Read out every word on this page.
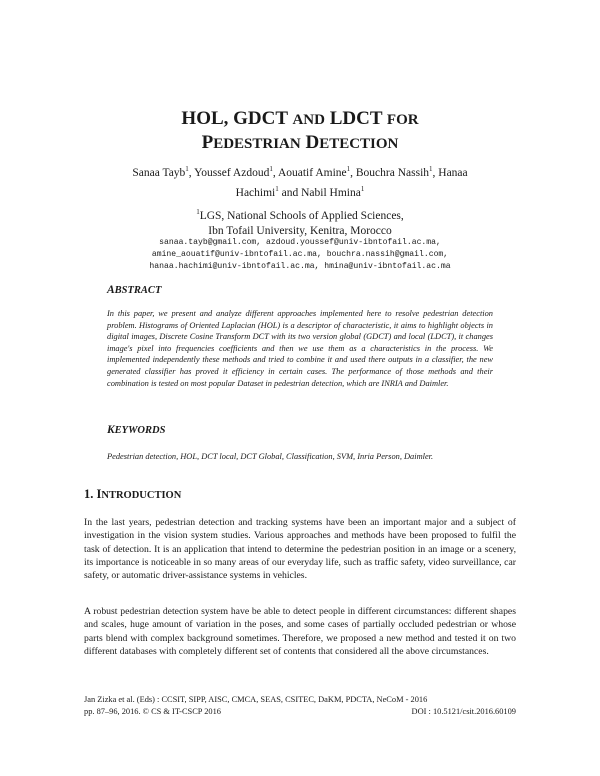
HOL, GDCT AND LDCT FOR
PEDESTRIAN DETECTION
Sanaa Tayb$^1$, Youssef Azdoud$^1$, Aouatif Amine$^1$, Bouchra Nassih$^1$, Hanaa
Hachimi$^1$ and Nabil Hmina$^1$
$^1$LGS, National Schools of Applied Sciences,
Ibn Tofail University, Kenitra, Morocco
sanaa.tayb@gmail.com, azdoud.youssef@univ-ibntofail.ac.ma,
amine_aouatif@univ-ibntofail.ac.ma, bouchra.nassih@gmail.com,
hanaa.hachimi@univ-ibntofail.ac.ma, hmina@univ-ibntofail.ac.ma
ABSTRACT
In this paper, we present and analyze different approaches implemented here to resolve pedestrian detection problem. Histograms of Oriented Laplacian (HOL) is a descriptor of characteristic, it aims to highlight objects in digital images, Discrete Cosine Transform DCT with its two version global (GDCT) and local (LDCT), it changes image's pixel into frequencies coefficients and then we use them as a characteristics in the process. We implemented independently these methods and tried to combine it and used there outputs in a classifier, the new generated classifier has proved it efficiency in certain cases. The performance of those methods and their combination is tested on most popular Dataset in pedestrian detection, which are INRIA and Daimler.
KEYWORDS
Pedestrian detection, HOL, DCT local, DCT Global, Classification, SVM, Inria Person, Daimler.
1. INTRODUCTION
In the last years, pedestrian detection and tracking systems have been an important major and a subject of investigation in the vision system studies. Various approaches and methods have been proposed to fulfil the task of detection. It is an application that intend to determine the pedestrian position in an image or a scenery, its importance is noticeable in so many areas of our everyday life, such as traffic safety, video surveillance, car safety, or automatic driver-assistance systems in vehicles.
A robust pedestrian detection system have be able to detect people in different circumstances: different shapes and scales, huge amount of variation in the poses, and some cases of partially occluded pedestrian or whose parts blend with complex background sometimes. Therefore, we proposed a new method and tested it on two different databases with completely different set of contents that considered all the above circumstances.
Jan Zizka et al. (Eds) : CCSIT, SIPP, AISC, CMCA, SEAS, CSITEC, DaKM, PDCTA, NeCoM - 2016
pp. 87–96, 2016. © CS & IT-CSCP 2016	DOI : 10.5121/csit.2016.60109
